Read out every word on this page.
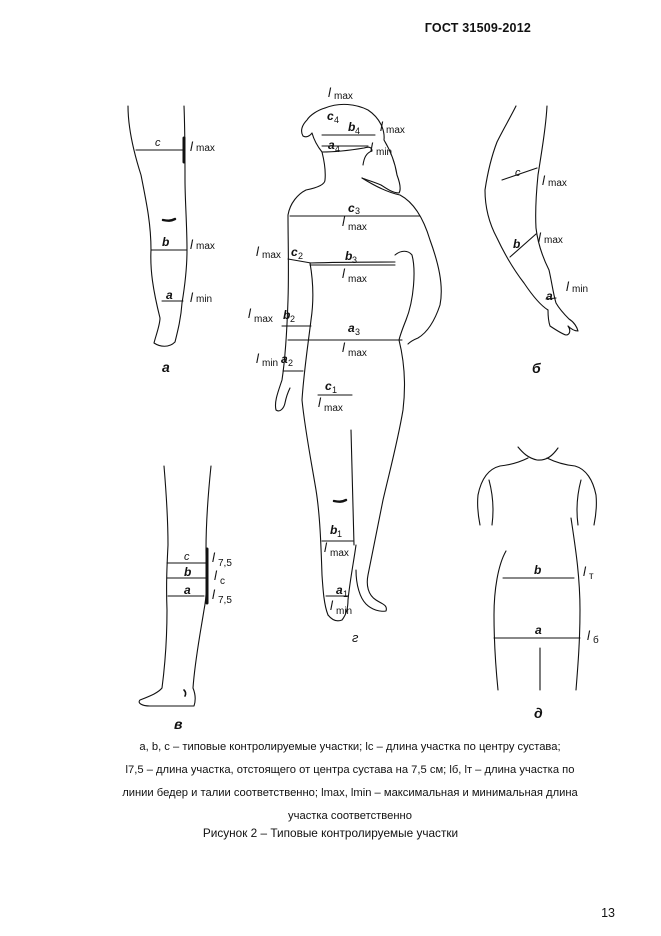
ГОСТ 31509-2012
c l max
b l max
a l min
а
c l max
b l max
a
l min
б
c
b
a
l 7,5
l c
l 7,5
в
l max
c 4 b 4 l max
a 4 l min
c 3
l max
l max c 2	b 3
l max
l max b 2
a 3
l max
l min a 2
c 1
l max
b 1
l max
a 1
l min
г
b	l т
a	l б
д

a, b, c – типовые контролируемые участки; lс – длина участка по центру сустава;

l7,5 – длина участка, отстоящего от центра сустава на 7,5 см; lб, lт – длина участка по

линии бедер и талии соответственно; lmax, lmin – максимальная и минимальная длина

участка соответственно

Рисунок 2 – Типовые контролируемые участки
13
